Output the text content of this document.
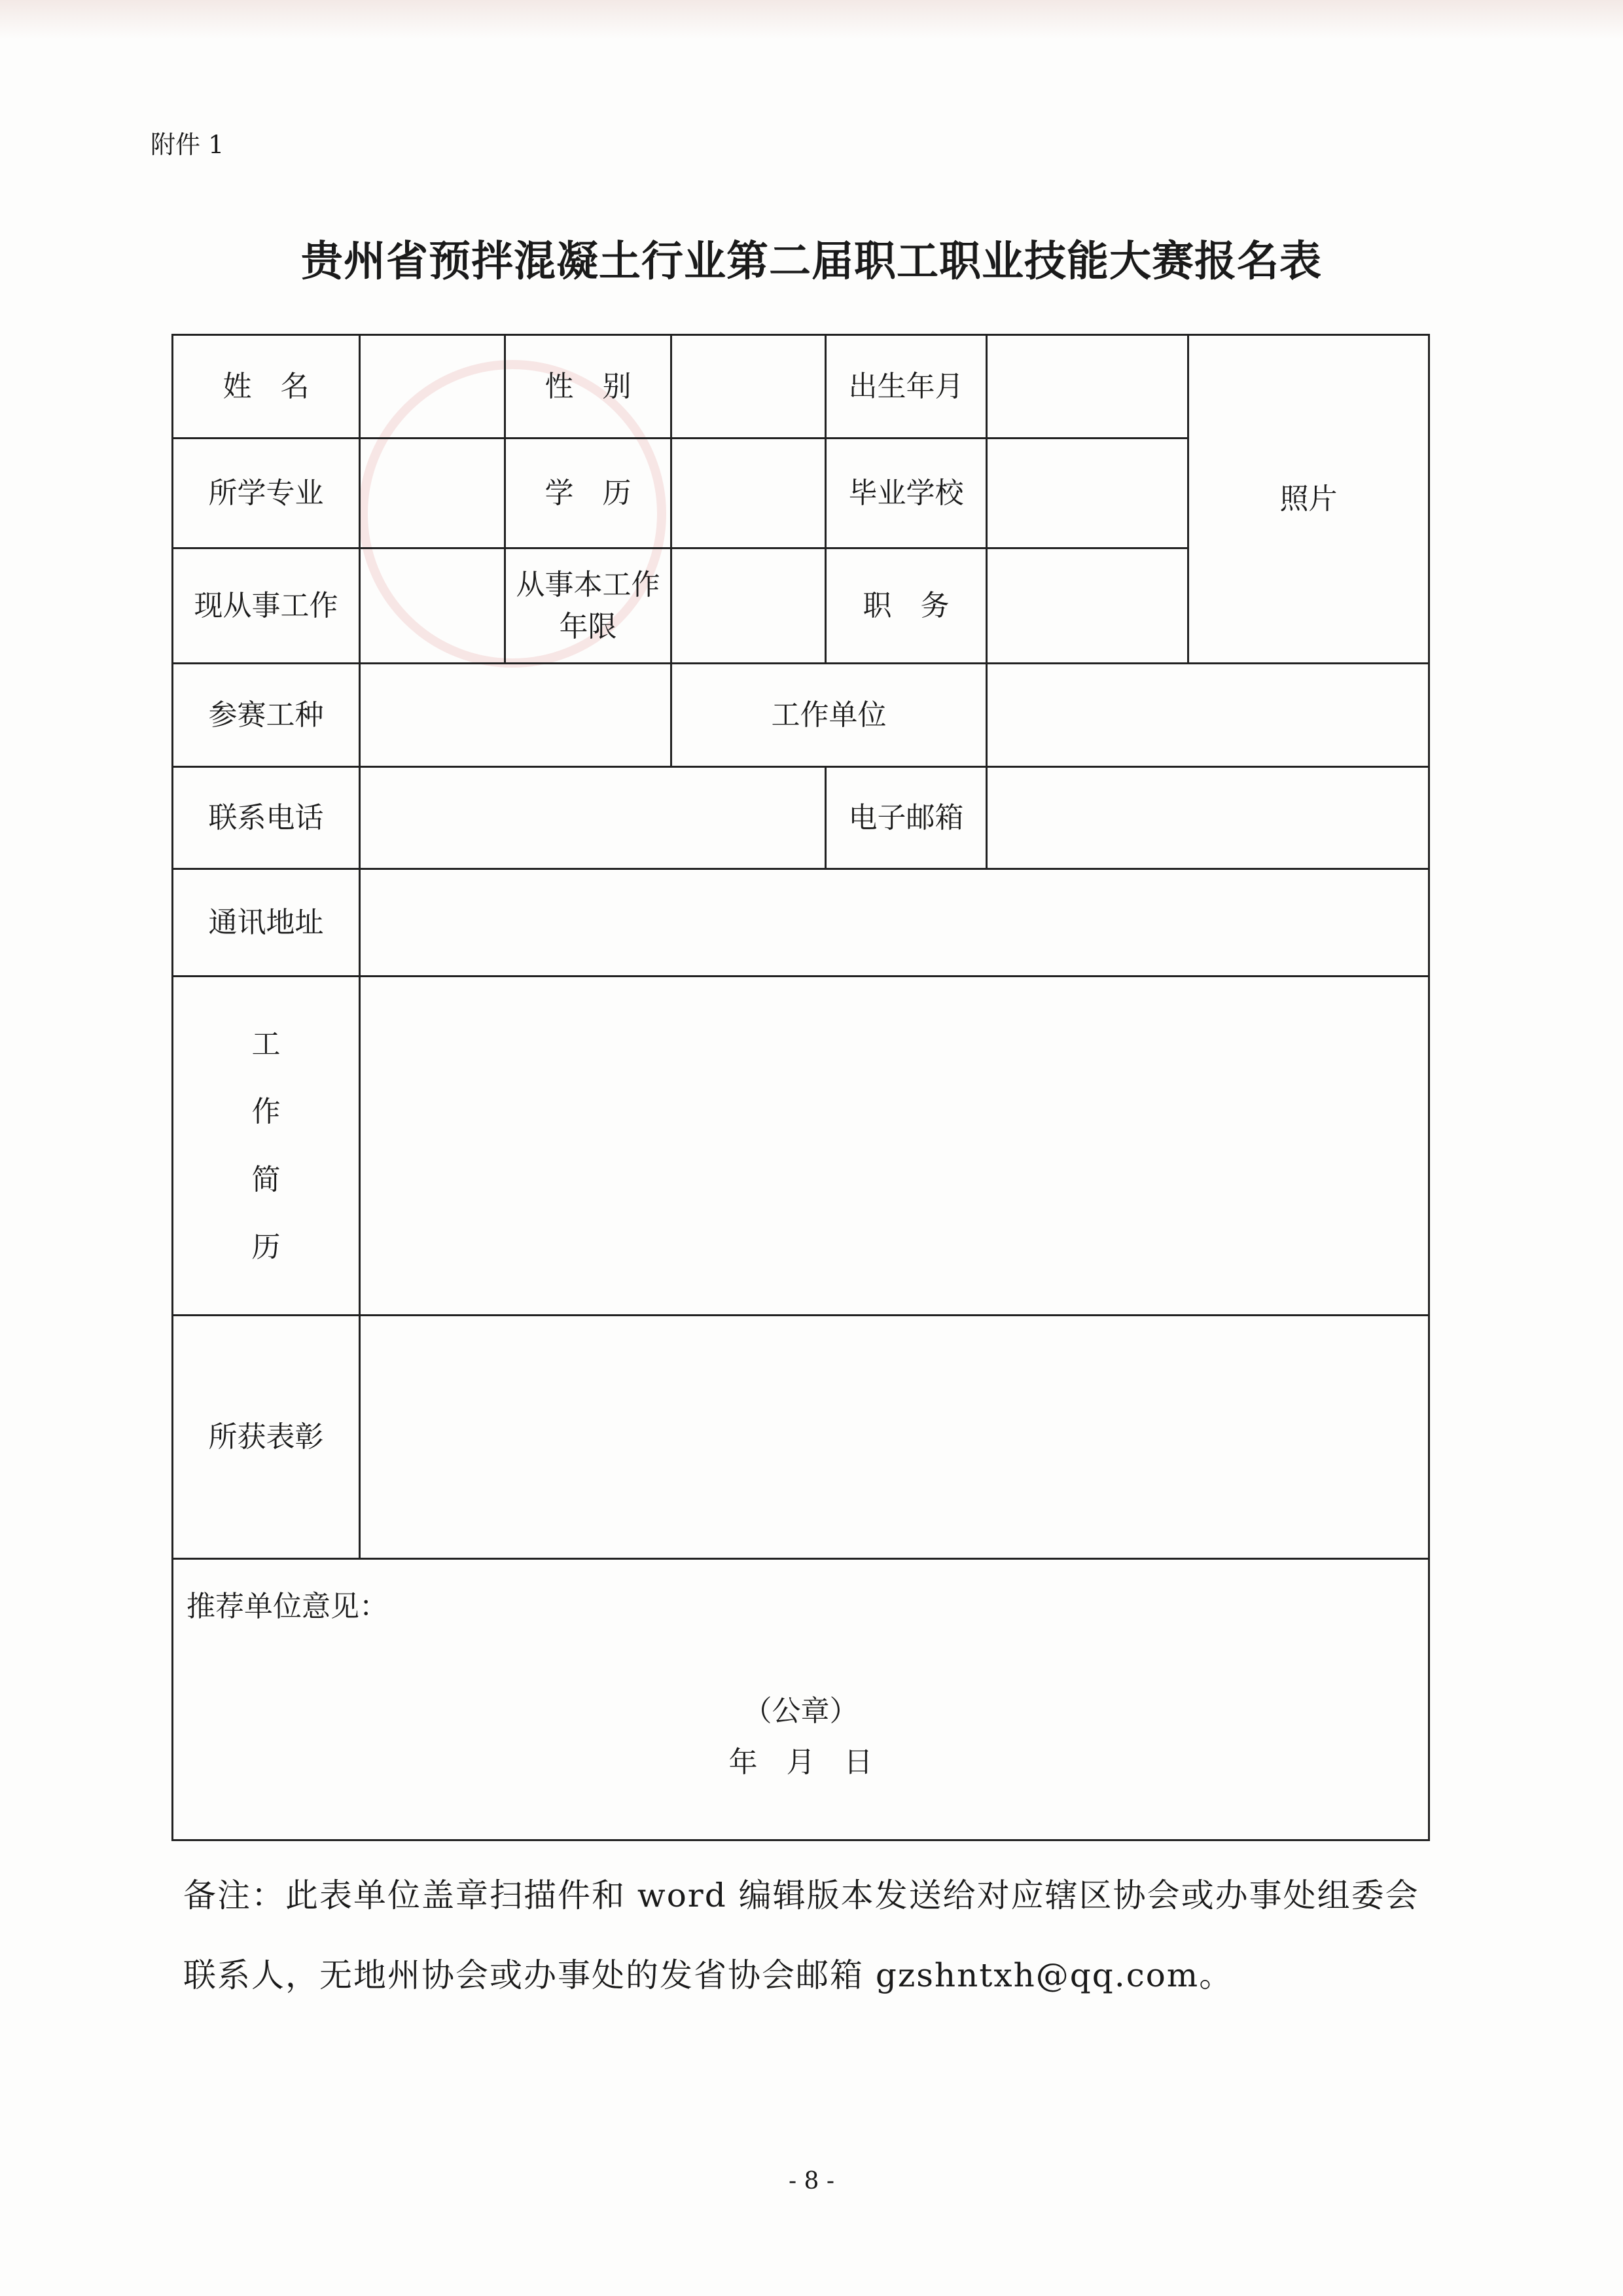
附件 1
贵州省预拌混凝土行业第二届职工职业技能大赛报名表
姓　名		性　别		出生年月		照片
所学专业		学　历		毕业学校		
现从事工作		从事本工作年限		职　务		
参赛工种			工作单位			
联系电话				电子邮箱		
通讯地址						

工
作
简
历						

所获表彰						

推荐单位意见：
（公章）
年　月　日						
备注：此表单位盖章扫描件和 word 编辑版本发送给对应辖区协会或办事处组委会联系人，无地州协会或办事处的发省协会邮箱 gzshntxh@qq.com。
- 8 -
